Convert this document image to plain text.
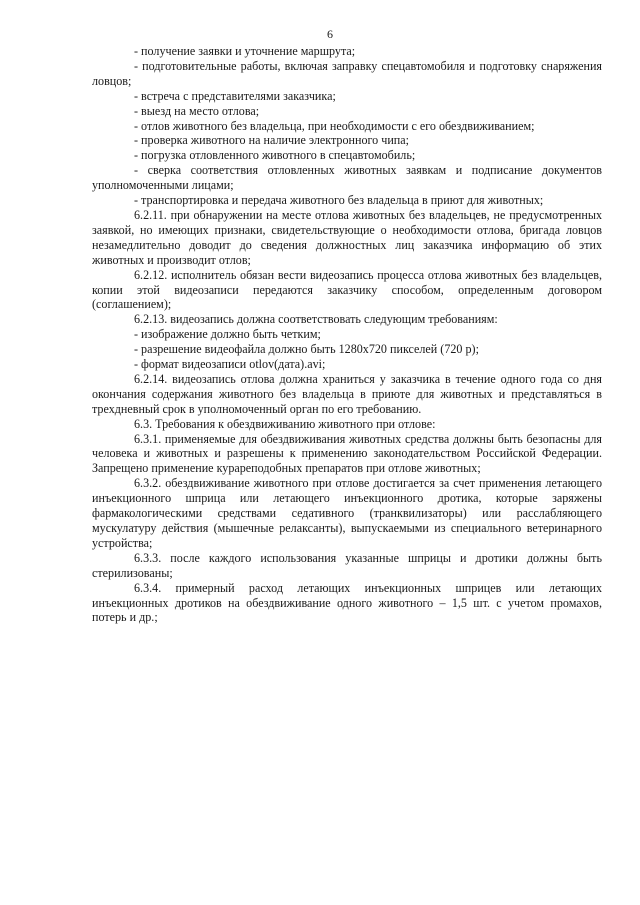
6

- получение заявки и уточнение маршрута;

- подготовительные работы, включая заправку спецавтомобиля и подготовку снаряжения ловцов;

- встреча с представителями заказчика;

- выезд на место отлова;

- отлов животного без владельца, при необходимости с его обездвиживанием;

- проверка животного на наличие электронного чипа;

- погрузка отловленного животного в спецавтомобиль;

- сверка соответствия отловленных животных заявкам и подписание документов уполномоченными лицами;

- транспортировка и передача животного без владельца в приют для животных;

6.2.11. при обнаружении на месте отлова животных без владельцев, не предусмотренных заявкой, но имеющих признаки, свидетельствующие о необходимости отлова, бригада ловцов незамедлительно доводит до сведения должностных лиц заказчика информацию об этих животных и производит отлов;

6.2.12. исполнитель обязан вести видеозапись процесса отлова животных без владельцев, копии этой видеозаписи передаются заказчику способом, определенным договором (соглашением);

6.2.13. видеозапись должна соответствовать следующим требованиям:

- изображение должно быть четким;

- разрешение видеофайла должно быть 1280x720 пикселей (720 p);

- формат видеозаписи otlov(дата).avi;

6.2.14. видеозапись отлова должна храниться у заказчика в течение одного года со дня окончания содержания животного без владельца в приюте для животных и представляться в трехдневный срок в уполномоченный орган по его требованию.

6.3. Требования к обездвиживанию животного при отлове:

6.3.1. применяемые для обездвиживания животных средства должны быть безопасны для человека и животных и разрешены к применению законодательством Российской Федерации. Запрещено применение курареподобных препаратов при отлове животных;

6.3.2. обездвиживание животного при отлове достигается за счет применения летающего инъекционного шприца или летающего инъекционного дротика, которые заряжены фармакологическими средствами седативного (транквилизаторы) или расслабляющего мускулатуру действия (мышечные релаксанты), выпускаемыми из специального ветеринарного устройства;

6.3.3. после каждого использования указанные шприцы и дротики должны быть стерилизованы;

6.3.4. примерный расход летающих инъекционных шприцев или летающих инъекционных дротиков на обездвиживание одного животного – 1,5 шт. с учетом промахов, потерь и др.;
